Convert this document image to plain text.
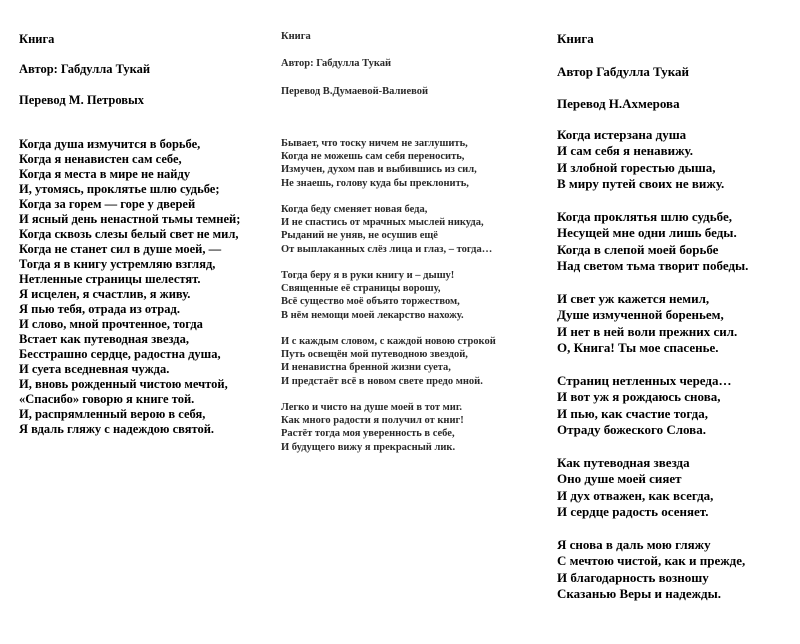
Книга
Автор: Габдулла Тукай
Перевод М. Петровых
Когда душа измучится в борьбе,
Когда я ненавистен сам себе,
Когда я места в мире не найду
И, утомясь, проклятье шлю судьбе;
Когда за горем — горе у дверей
И ясный день ненастной тьмы темней;
Когда сквозь слезы белый свет не мил,
Когда не станет сил в душе моей, —
Тогда я в книгу устремляю взгляд,
Нетленные страницы шелестят.
Я исцелен, я счастлив, я живу.
Я пью тебя, отрада из отрад.
И слово, мной прочтенное, тогда
Встает как путеводная звезда,
Бесстрашно сердце, радостна душа,
И суета вседневная чужда.
И, вновь рожденный чистою мечтой,
«Спасибо» говорю я книге той.
И, распрямленный верою в себя,
Я вдаль гляжу с надеждою святой.
Книга
Автор: Габдулла Тукай
Перевод В.Думаевой-Валиевой
Бывает, что тоску ничем не заглушить,
Когда не можешь сам себя переносить,
Измучен, духом пав и выбившись из сил,
Не знаешь, голову куда бы преклонить,
Когда беду сменяет новая беда,
И не спастись от мрачных мыслей никуда,
Рыданий не уняв, не осушив ещё
От выплаканных слёз лица и глаз, – тогда…
Тогда беру я в руки книгу и – дышу!
Священные её страницы ворошу,
Всё существо моё объято торжеством,
В нём немощи моей лекарство нахожу.
И с каждым словом, с каждой новою строкой
Путь освещён мой путеводною звездой,
И ненавистна бренной жизни суета,
И предстаёт всё в новом свете предо мной.
Легко и чисто на душе моей в тот миг.
Как много радости я получил от книг!
Растёт тогда моя уверенность в себе,
И будущего вижу я прекрасный лик.
Книга
Автор Габдулла Тукай
Перевод Н.Ахмерова
Когда истерзана душа
И сам себя я ненавижу.
И злобной горестью дыша,
В миру путей своих не вижу.
Когда проклятья шлю судьбе,
Несущей мне одни лишь беды.
Когда в слепой моей борьбе
Над светом тьма творит победы.
И свет уж кажется немил,
Душе измученной бореньем,
И нет в ней воли прежних сил.
О, Книга! Ты мое спасенье.
Страниц нетленных череда…
И вот уж я рождаюсь снова,
И пью, как счастие тогда,
Отраду божеского Слова.
Как путеводная звезда
Оно душе моей сияет
И дух отважен, как всегда,
И сердце радость осеняет.
Я снова в даль мою гляжу
С мечтою чистой, как и прежде,
И благодарность возношу
Сказанью Веры и надежды.
